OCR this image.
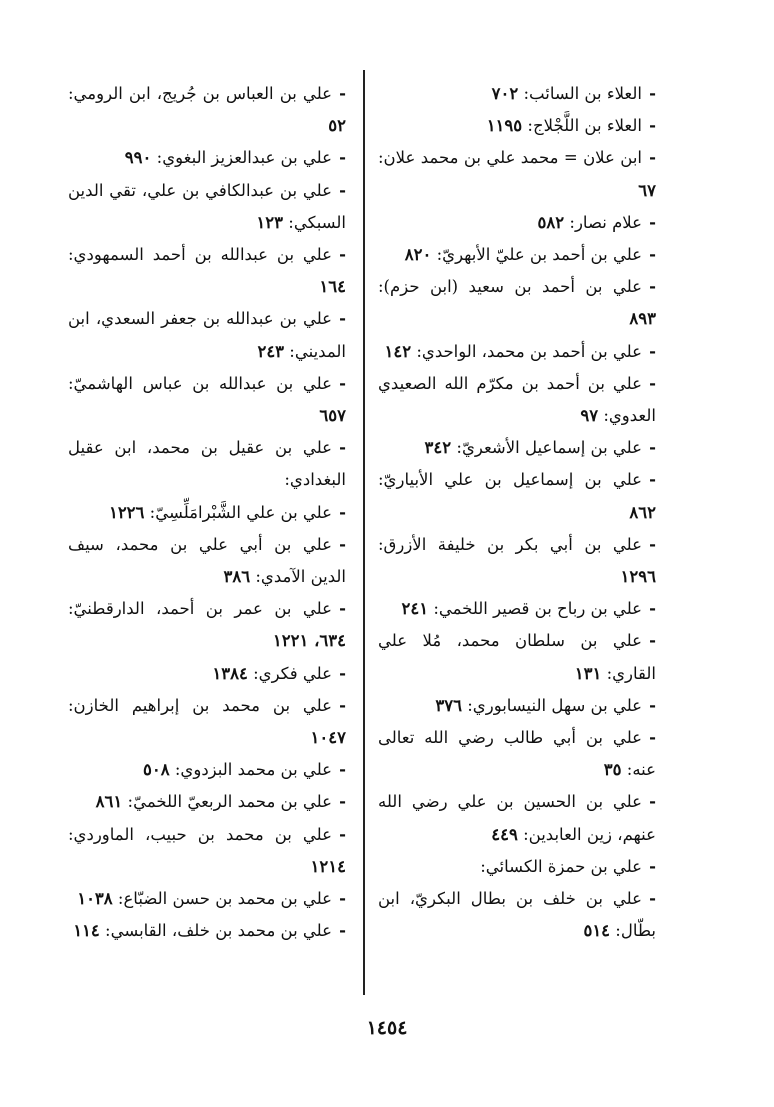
-العلاء بن السائب: ٧٠٢
-العلاء بن اللَّجْلاج: ١١٩٥
-ابن علان = محمد علي بن محمد علان: ٦٧
-علام نصار: ٥٨٢
-علي بن أحمد بن عليّ الأبهريّ: ٨٢٠
-علي بن أحمد بن سعيد (ابن حزم): ٨٩٣
-علي بن أحمد بن محمد، الواحدي: ١٤٢
-علي بن أحمد بن مكرّم الله الصعيدي العدوي: ٩٧
-علي بن إسماعيل الأشعريّ: ٣٤٢
-علي بن إسماعيل بن علي الأبياريّ: ٨٦٢
-علي بن أبي بكر بن خليفة الأزرق: ١٢٩٦
-علي بن رباح بن قصير اللخمي: ٢٤١
-علي بن سلطان محمد، مُلا علي القاري: ١٣١
-علي بن سهل النيسابوري: ٣٧٦
-علي بن أبي طالب رضي الله تعالى عنه: ٣٥
-علي بن الحسين بن علي رضي الله عنهم، زين العابدين: ٤٤٩
-علي بن حمزة الكسائي:
-علي بن خلف بن بطال البكريّ، ابن بطّال: ٥١٤
-علي بن العباس بن جُريج، ابن الرومي: ٥٢
-علي بن عبدالعزيز البغوي: ٩٩٠
-علي بن عبدالكافي بن علي، تقي الدين السبكي: ١٢٣
-علي بن عبدالله بن أحمد السمهودي: ١٦٤
-علي بن عبدالله بن جعفر السعدي، ابن المديني: ٢٤٣
-علي بن عبدالله بن عباس الهاشميّ: ٦٥٧
-علي بن عقيل بن محمد، ابن عقيل البغدادي:
-علي بن علي الشَّبْرامَلِّسِيّ: ١٢٢٦
-علي بن أبي علي بن محمد، سيف الدين الآمدي: ٣٨٦
-علي بن عمر بن أحمد، الدارقطنيّ: ٦٣٤، ١٢٢١
-علي فكري: ١٣٨٤
-علي بن محمد بن إبراهيم الخازن: ١٠٤٧
-علي بن محمد البزدوي: ٥٠٨
-علي بن محمد الربعيّ اللخميّ: ٨٦١
-علي بن محمد بن حبيب، الماوردي: ١٢١٤
-علي بن محمد بن حسن الضبّاع: ١٠٣٨
-علي بن محمد بن خلف، القابسي: ١١٤
١٤٥٤
